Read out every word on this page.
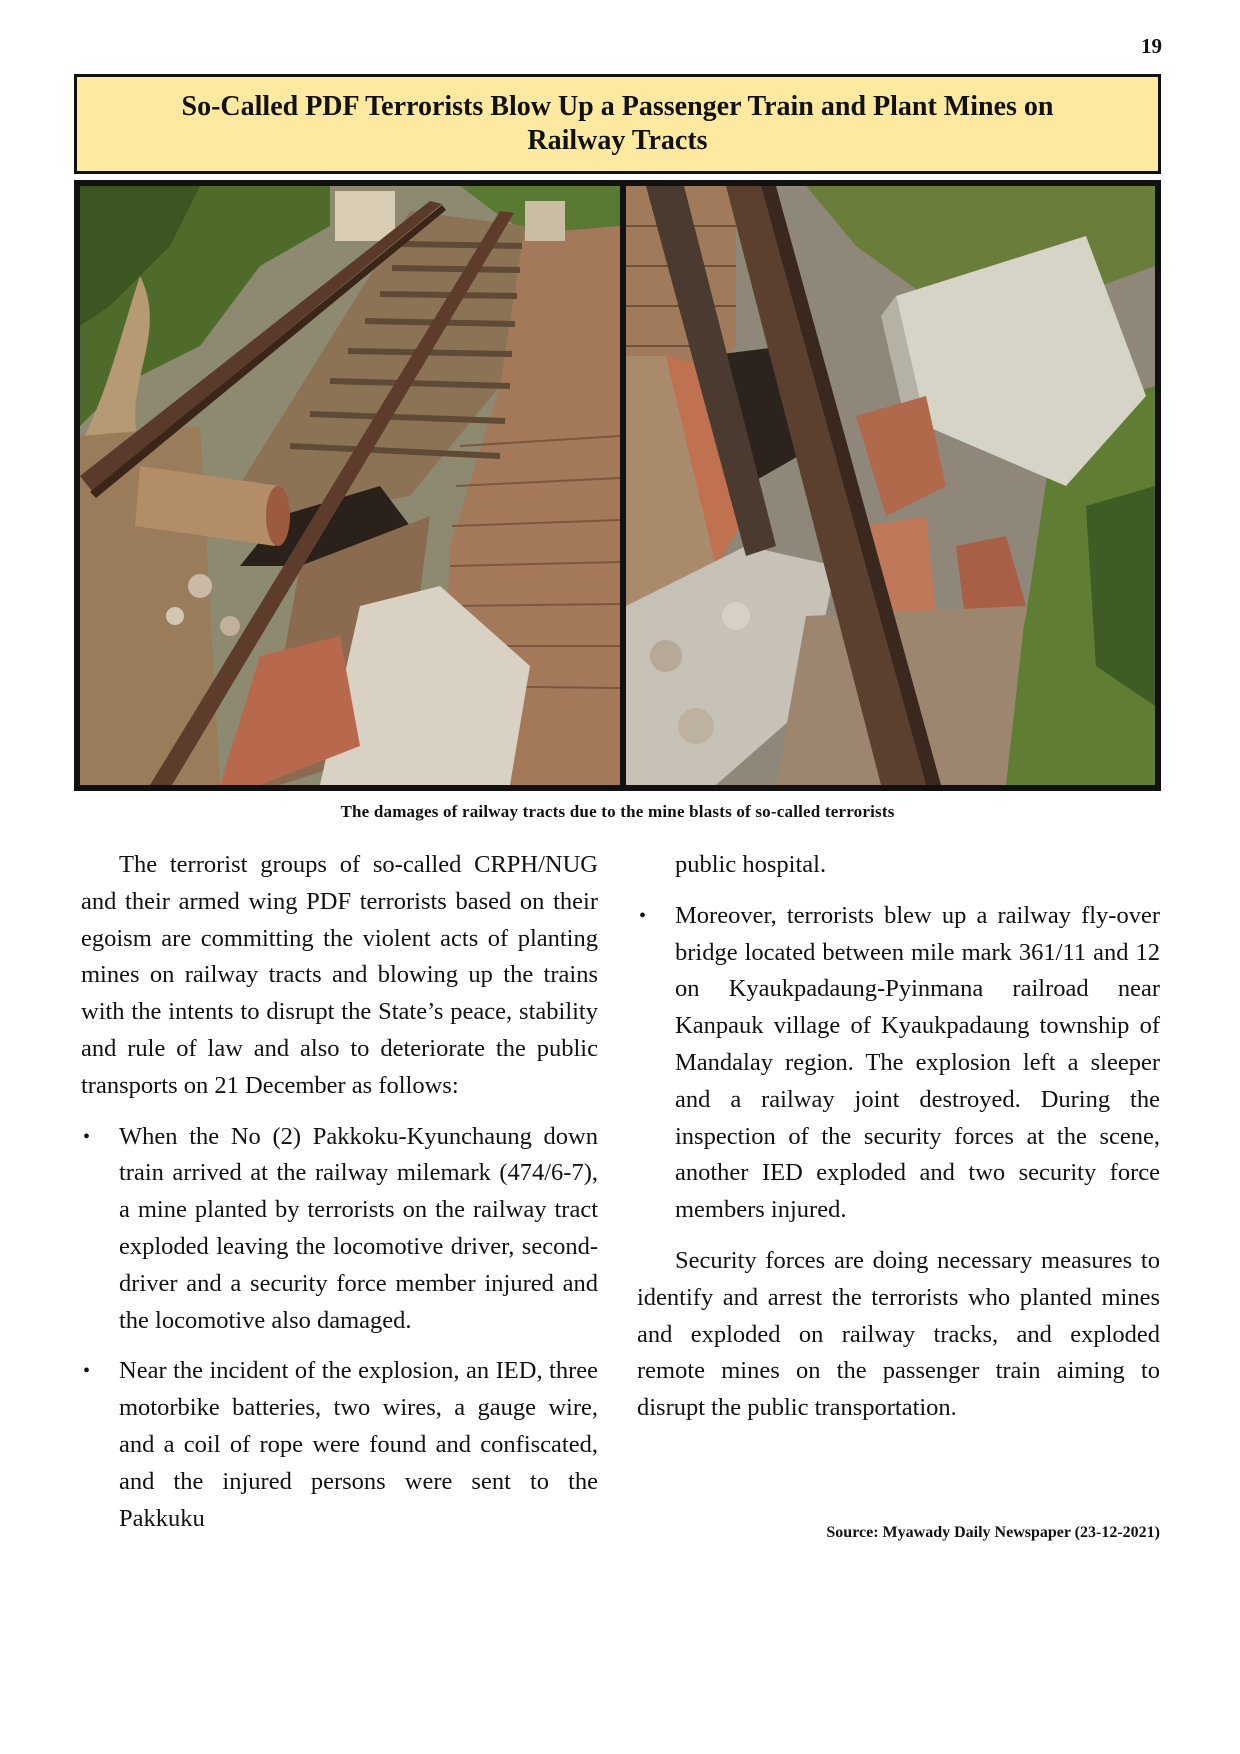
19
So-Called PDF Terrorists Blow Up a Passenger Train and Plant Mines on Railway Tracts
The damages of railway tracts due to the mine blasts of so-called terrorists

The terrorist groups of so-called CRPH/NUG and their armed wing PDF terrorists based on their egoism are committing the violent acts of planting mines on railway tracts and blowing up the trains with the intents to disrupt the State’s peace, stability and rule of law and also to deteriorate the public transports on 21 December as follows:

• When the No (2) Pakkoku-Kyunchaung down train arrived at the railway milemark (474/6-7), a mine planted by terrorists on the railway tract exploded leaving the locomotive driver, second-driver and a security force member injured and the locomotive also damaged.
• Near the incident of the explosion, an IED, three motorbike batteries, two wires, a gauge wire, and a coil of rope were found and confiscated, and the injured persons were sent to the Pakkuku
public hospital.
• Moreover, terrorists blew up a railway fly-over bridge located between mile mark 361/11 and 12 on Kyaukpadaung-Pyinmana railroad near Kanpauk village of Kyaukpadaung township of Mandalay region. The explosion left a sleeper and a railway joint destroyed. During the inspection of the security forces at the scene, another IED exploded and two security force members injured.

Security forces are doing necessary measures to identify and arrest the terrorists who planted mines and exploded on railway tracks, and exploded remote mines on the passenger train aiming to disrupt the public transportation.

Source: Myawady Daily Newspaper (23-12-2021)
